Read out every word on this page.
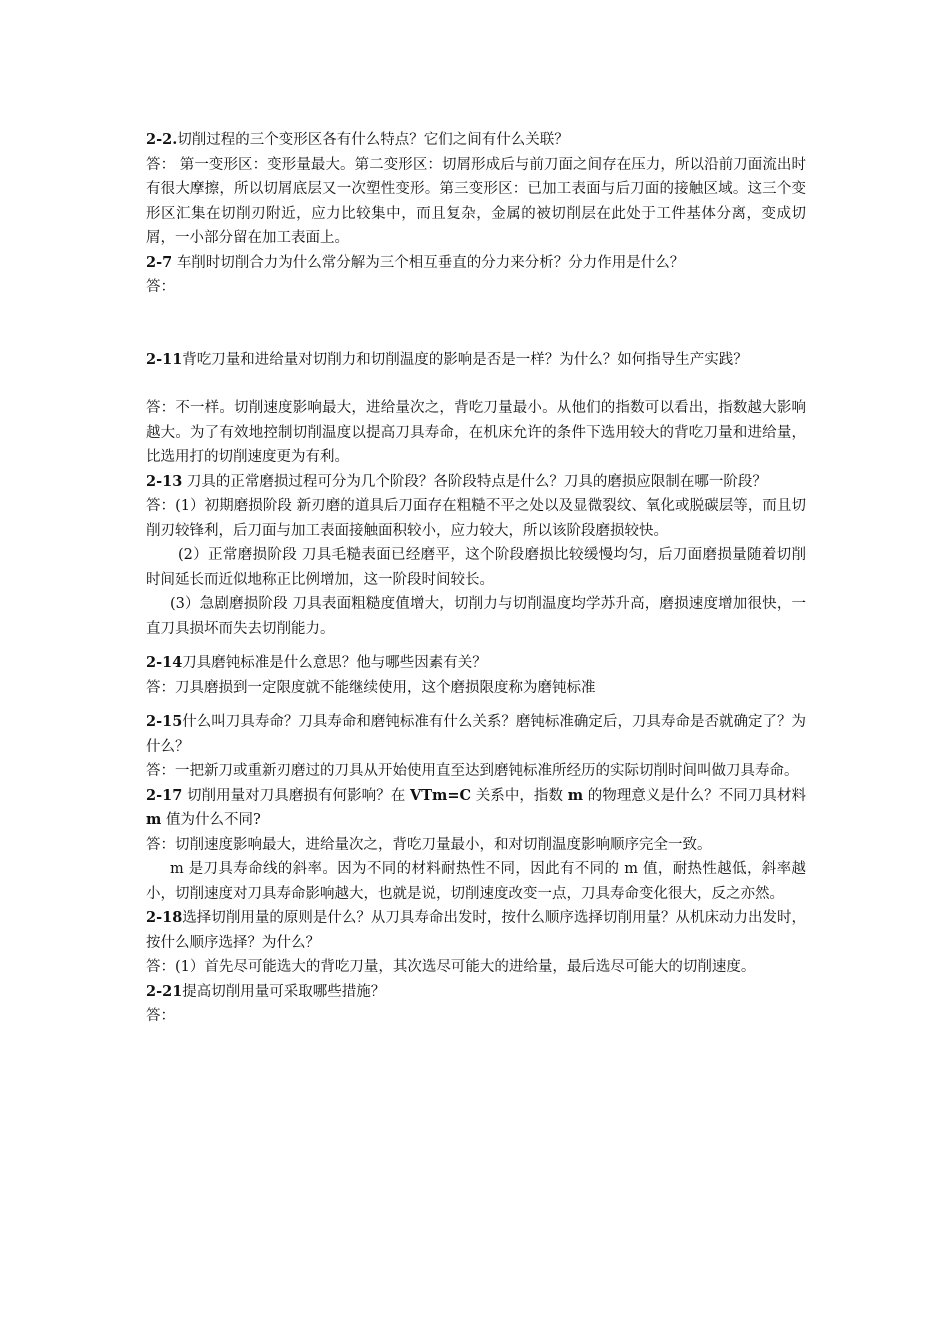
2-2.切削过程的三个变形区各有什么特点？它们之间有什么关联？

答： 第一变形区：变形量最大。第二变形区：切屑形成后与前刀面之间存在压力，所以沿前刀面流出时有很大摩擦，所以切屑底层又一次塑性变形。第三变形区：已加工表面与后刀面的接触区域。这三个变形区汇集在切削刃附近，应力比较集中，而且复杂，金属的被切削层在此处于工件基体分离，变成切屑，一小部分留在加工表面上。

2-7 车削时切削合力为什么常分解为三个相互垂直的分力来分析？分力作用是什么？

答：

2-11背吃刀量和进给量对切削力和切削温度的影响是否是一样？为什么？如何指导生产实践？

答：不一样。切削速度影响最大，进给量次之，背吃刀量最小。从他们的指数可以看出，指数越大影响越大。为了有效地控制切削温度以提高刀具寿命，在机床允许的条件下选用较大的背吃刀量和进给量，比选用打的切削速度更为有利。

2-13 刀具的正常磨损过程可分为几个阶段？各阶段特点是什么？刀具的磨损应限制在哪一阶段？

答：(1）初期磨损阶段 新刃磨的道具后刀面存在粗糙不平之处以及显微裂纹、氧化或脱碳层等，而且切削刃较锋利，后刀面与加工表面接触面积较小，应力较大，所以该阶段磨损较快。

(2）正常磨损阶段 刀具毛糙表面已经磨平，这个阶段磨损比较缓慢均匀，后刀面磨损量随着切削时间延长而近似地称正比例增加，这一阶段时间较长。

(3）急剧磨损阶段 刀具表面粗糙度值增大，切削力与切削温度均学苏升高，磨损速度增加很快，一直刀具损坏而失去切削能力。

2-14刀具磨钝标准是什么意思？他与哪些因素有关？

答：刀具磨损到一定限度就不能继续使用，这个磨损限度称为磨钝标准

2-15什么叫刀具寿命？刀具寿命和磨钝标准有什么关系？磨钝标准确定后，刀具寿命是否就确定了？为什么？

答：一把新刀或重新刃磨过的刀具从开始使用直至达到磨钝标准所经历的实际切削时间叫做刀具寿命。

2-17 切削用量对刀具磨损有何影响？在 VTm=C 关系中，指数 m 的物理意义是什么？不同刀具材料 m 值为什么不同?

答：切削速度影响最大，进给量次之，背吃刀量最小，和对切削温度影响顺序完全一致。

m 是刀具寿命线的斜率。因为不同的材料耐热性不同，因此有不同的 m 值，耐热性越低，斜率越小，切削速度对刀具寿命影响越大，也就是说，切削速度改变一点，刀具寿命变化很大，反之亦然。

2-18选择切削用量的原则是什么？从刀具寿命出发时，按什么顺序选择切削用量？从机床动力出发时，按什么顺序选择？为什么？

答：(1）首先尽可能选大的背吃刀量，其次选尽可能大的进给量，最后选尽可能大的切削速度。

2-21提高切削用量可采取哪些措施？

答：
